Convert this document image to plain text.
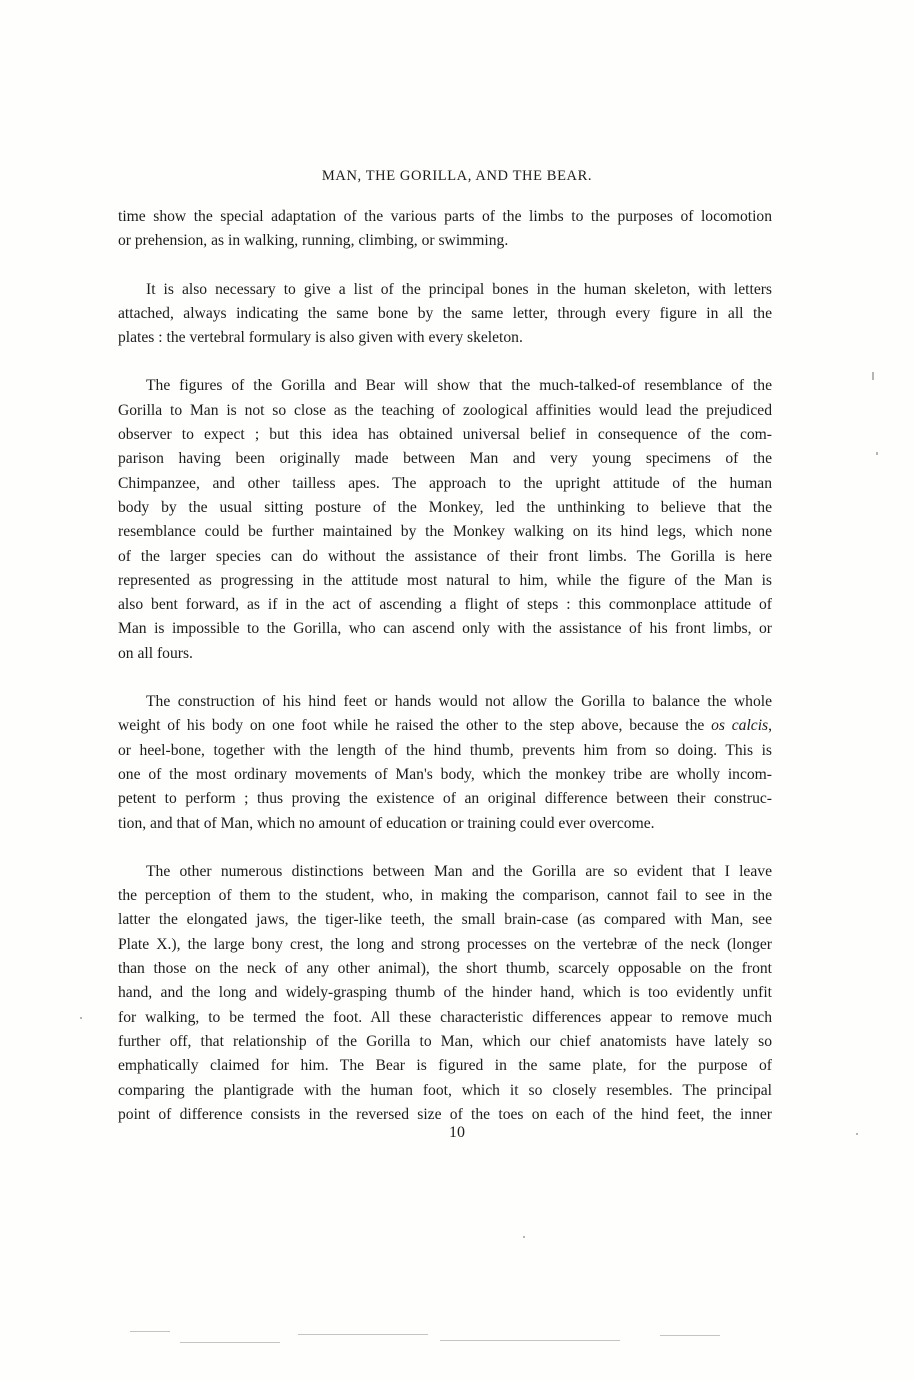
MAN, THE GORILLA, AND THE BEAR.
time show the special adaptation of the various parts of the limbs to the purposes of locomotion
or prehension, as in walking, running, climbing, or swimming.
It is also necessary to give a list of the principal bones in the human skeleton, with letters
attached, always indicating the same bone by the same letter, through every figure in all the
plates : the vertebral formulary is also given with every skeleton.
The figures of the Gorilla and Bear will show that the much-talked-of resemblance of the
Gorilla to Man is not so close as the teaching of zoological affinities would lead the prejudiced
observer to expect ; but this idea has obtained universal belief in consequence of the com-
parison having been originally made between Man and very young specimens of the
Chimpanzee, and other tailless apes. The approach to the upright attitude of the human
body by the usual sitting posture of the Monkey, led the unthinking to believe that the
resemblance could be further maintained by the Monkey walking on its hind legs, which none
of the larger species can do without the assistance of their front limbs. The Gorilla is here
represented as progressing in the attitude most natural to him, while the figure of the Man is
also bent forward, as if in the act of ascending a flight of steps : this commonplace attitude of
Man is impossible to the Gorilla, who can ascend only with the assistance of his front limbs, or
on all fours.
The construction of his hind feet or hands would not allow the Gorilla to balance the whole
weight of his body on one foot while he raised the other to the step above, because the os calcis,
or heel-bone, together with the length of the hind thumb, prevents him from so doing. This is
one of the most ordinary movements of Man's body, which the monkey tribe are wholly incom-
petent to perform ; thus proving the existence of an original difference between their construc-
tion, and that of Man, which no amount of education or training could ever overcome.
The other numerous distinctions between Man and the Gorilla are so evident that I leave
the perception of them to the student, who, in making the comparison, cannot fail to see in the
latter the elongated jaws, the tiger-like teeth, the small brain-case (as compared with Man, see
Plate X.), the large bony crest, the long and strong processes on the vertebræ of the neck (longer
than those on the neck of any other animal), the short thumb, scarcely opposable on the front
hand, and the long and widely-grasping thumb of the hinder hand, which is too evidently unfit
for walking, to be termed the foot. All these characteristic differences appear to remove much
further off, that relationship of the Gorilla to Man, which our chief anatomists have lately so
emphatically claimed for him. The Bear is figured in the same plate, for the purpose of
comparing the plantigrade with the human foot, which it so closely resembles. The principal
point of difference consists in the reversed size of the toes on each of the hind feet, the inner
10
